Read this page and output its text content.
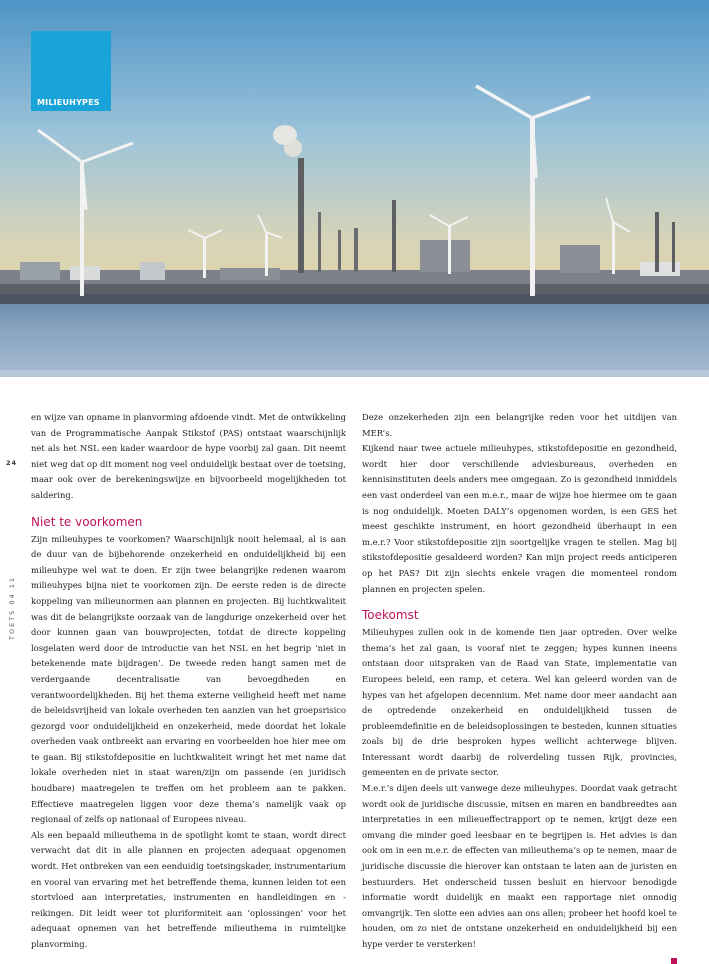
MILIEUHYPES
24
TOETS 04 11

en wijze van opname in planvorming afdoende vindt. Met de ontwikkeling van de Programmatische Aanpak Stikstof (PAS) ontstaat waarschijnlijk net als het NSL een kader waardoor de hype voorbij zal gaan. Dit neemt niet weg dat op dit moment nog veel onduidelijk bestaat over de toetsing, maar ook over de berekeningswijze en bijvoorbeeld mogelijkheden tot saldering.

Niet te voorkomen

Zijn milieuhypes te voorkomen? Waarschijnlijk nooit helemaal, al is aan de duur van de bijbehorende onzekerheid en onduidelijkheid bij een milieuhype wel wat te doen. Er zijn twee belangrijke redenen waarom milieuhypes bijna niet te voorkomen zijn. De eerste reden is de directe koppeling van milieunormen aan plannen en projecten. Bij luchtkwaliteit was dit de belangrijkste oorzaak van de langdurige onzekerheid over het door kunnen gaan van bouwprojecten, totdat de directe koppeling losgelaten werd door de introductie van het NSL en het begrip ‘niet in betekenende mate bijdragen’. De tweede reden hangt samen met de verdergaande decentralisatie van bevoegdheden en verantwoordelijkheden. Bij het thema externe veiligheid heeft met name de beleidsvrijheid van lokale overheden ten aanzien van het groepsrisico gezorgd voor onduidelijkheid en onzekerheid, mede doordat het lokale overheden vaak ontbreekt aan ervaring en voorbeelden hoe hier mee om te gaan. Bij stikstofdepositie en luchtkwaliteit wringt het met name dat lokale overheden niet in staat waren/zijn om passende (en juridisch houdbare) maatregelen te treffen om het probleem aan te pakken. Effectieve maatregelen liggen voor deze thema’s namelijk vaak op regionaal of zelfs op nationaal of Europees niveau.

Als een bepaald milieuthema in de spotlight komt te staan, wordt direct verwacht dat dit in alle plannen en projecten adequaat opgenomen wordt. Het ontbreken van een eenduidig toetsingskader, instrumentarium en vooral van ervaring met het betreffende thema, kunnen leiden tot een stortvloed aan interpretaties, instrumenten en handleidingen en -reikingen. Dit leidt weer tot pluriformiteit aan ‘oplossingen’ voor het adequaat opnemen van het betreffende milieuthema in ruimtelijke planvorming.

Deze onzekerheden zijn een belangrijke reden voor het uitdijen van MER’s.

Kijkend naar twee actuele milieuhypes, stikstofdepositie en gezondheid, wordt hier door verschillende adviesbureaus, overheden en kennisinstituten deels anders mee omgegaan. Zo is gezondheid inmiddels een vast onderdeel van een m.e.r., maar de wijze hoe hiermee om te gaan is nog onduidelijk. Moeten DALY’s opgenomen worden, is een GES het meest geschikte instrument, en hoort gezondheid überhaupt in een m.e.r.? Voor stikstofdepositie zijn soortgelijke vragen te stellen. Mag bij stikstofdepositie gesaldeerd worden? Kan mijn project reeds anticiperen op het PAS? Dit zijn slechts enkele vragen die momenteel rondom plannen en projecten spelen.

Toekomst

Milieuhypes zullen ook in de komende tien jaar optreden. Over welke thema’s het zal gaan, is vooraf niet te zeggen; hypes kunnen ineens ontstaan door uitspraken van de Raad van State, implementatie van Europees beleid, een ramp, et cetera. Wel kan geleerd worden van de hypes van het afgelopen decennium. Met name door meer aandacht aan de optredende onzekerheid en onduidelijkheid tussen de probleemdefinitie en de beleidsoplossingen te besteden, kunnen situaties zoals bij de drie besproken hypes wellicht achterwege blijven. Interessant wordt daarbij de rolverdeling tussen Rijk, provincies, gemeenten en de private sector.

M.e.r.’s dijen deels uit vanwege deze milieuhypes. Doordat vaak getracht wordt ook de juridische discussie, mitsen en maren en bandbreedtes aan interpretaties in een milieueffectrapport op te nemen, krijgt deze een omvang die minder goed leesbaar en te begrijpen is. Het advies is dan ook om in een m.e.r. de effecten van milieuthema’s op te nemen, maar de juridische discussie die hierover kan ontstaan te laten aan de juristen en bestuurders. Het onderscheid tussen besluit en hiervoor benodigde informatie wordt duidelijk en maakt een rapportage niet onnodig omvangrijk. Ten slotte een advies aan ons allen; probeer het hoofd koel te houden, om zo niet de ontstane onzekerheid en onduidelijkheid bij een hype verder te versterken!
